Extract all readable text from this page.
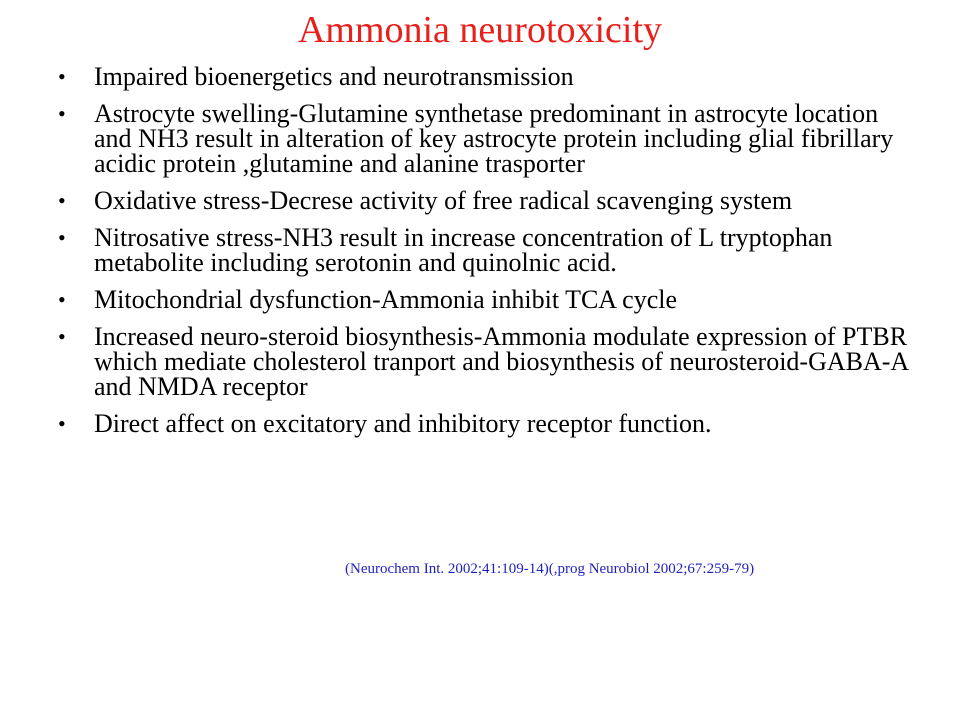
Ammonia neurotoxicity
• Impaired bioenergetics and neurotransmission
• Astrocyte swelling-Glutamine synthetase predominant in astrocyte location and NH3 result in alteration of key astrocyte protein including glial fibrillary acidic protein ,glutamine and alanine trasporter
• Oxidative stress-Decrese activity of free radical scavenging system
• Nitrosative stress-NH3 result in increase concentration of L tryptophan metabolite including serotonin and quinolnic acid.
• Mitochondrial dysfunction-Ammonia inhibit TCA cycle
• Increased neuro-steroid biosynthesis-Ammonia modulate expression of PTBR which mediate cholesterol tranport and biosynthesis of neurosteroid-GABA-A and NMDA receptor
• Direct affect on excitatory and inhibitory receptor function.
(Neurochem Int. 2002;41:109-14)(,prog Neurobiol 2002;67:259-79)
